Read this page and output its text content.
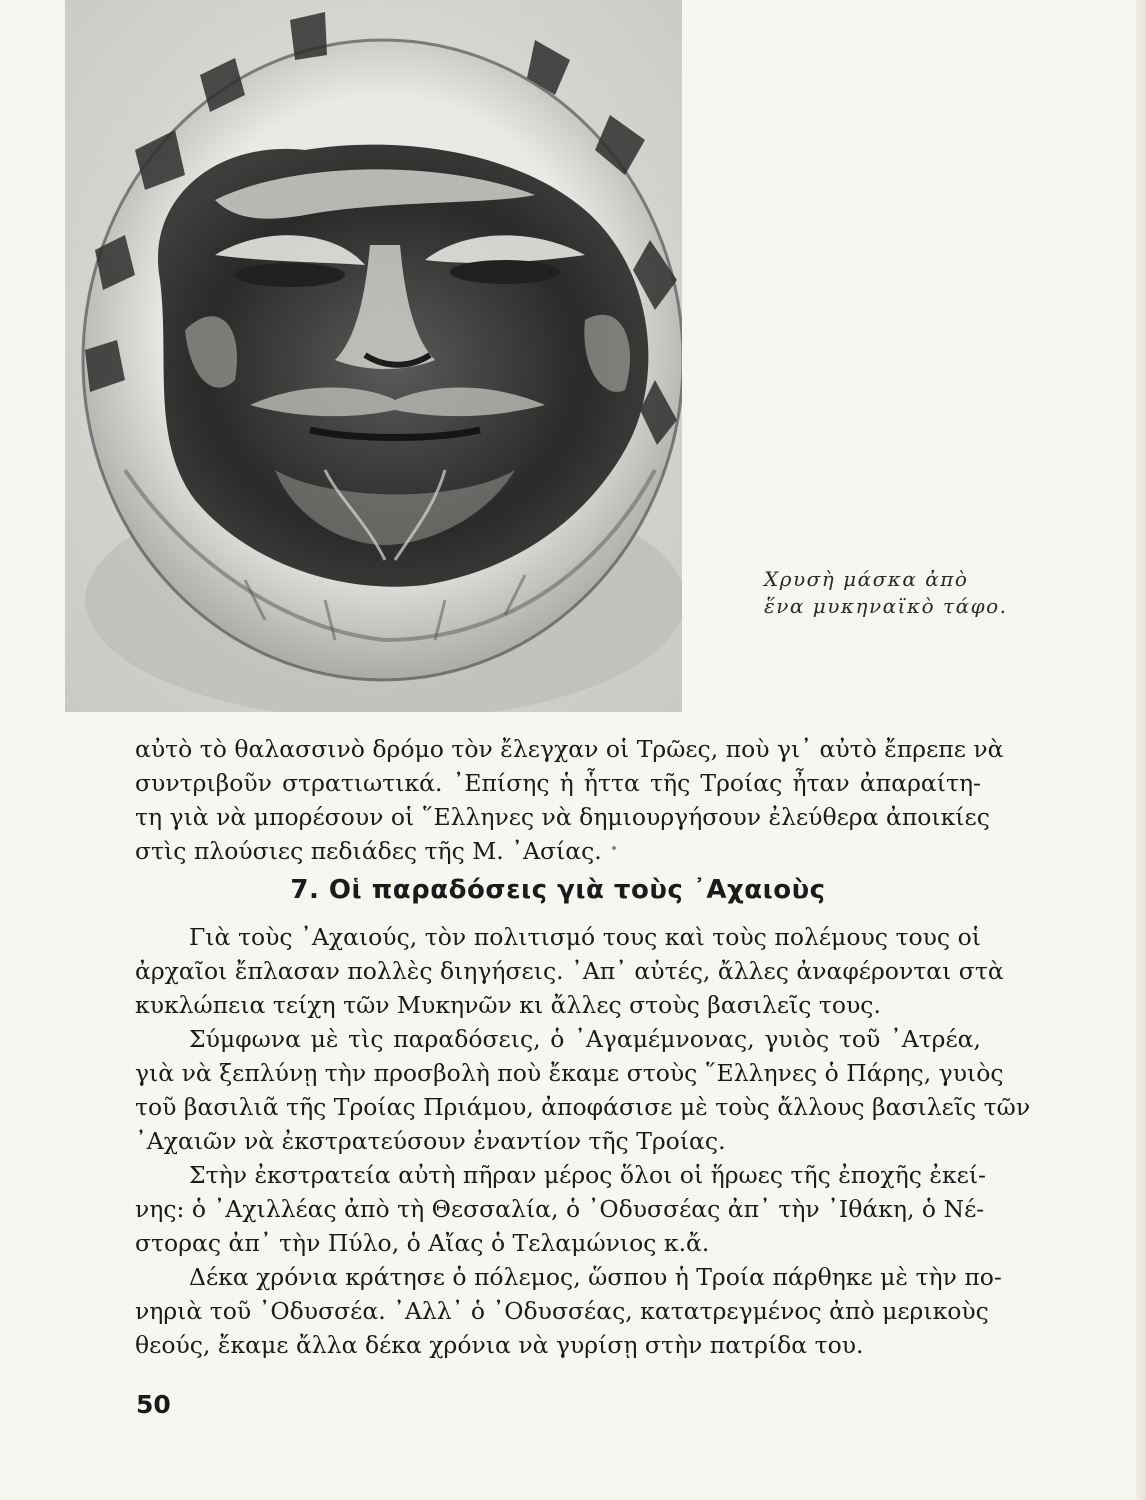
Χρυσὴ μάσκα ἀπὸ
ἕνα μυκηναϊκὸ τάφο.

αὐτὸ τὸ θαλασσινὸ δρόμο τὸν ἔλεγχαν οἱ Τρῶες, ποὺ γι᾿ αὐτὸ ἔπρεπε νὰ
συντριβοῦν στρατιωτικά. ᾿Επίσης ἡ ἧττα τῆς Τροίας ἦταν ἀπαραίτη-
τη γιὰ νὰ μπορέσουν οἱ ῞Ελληνες νὰ δημιουργήσουν ἐλεύθερα ἀποικίες
στὶς πλούσιες πεδιάδες τῆς Μ. ᾿Ασίας.

7. Οἱ παραδόσεις γιὰ τοὺς ᾿Αχαιοὺς

Γιὰ τοὺς ᾿Αχαιούς, τὸν πολιτισμό τους καὶ τοὺς πολέμους τους οἱ
ἀρχαῖοι ἔπλασαν πολλὲς διηγήσεις. ᾿Απ᾿ αὐτές, ἄλλες ἀναφέρονται στὰ
κυκλώπεια τείχη τῶν Μυκηνῶν κι ἄλλες στοὺς βασιλεῖς τους.

Σύμφωνα μὲ τὶς παραδόσεις, ὁ ᾿Αγαμέμνονας, γυιὸς τοῦ ᾿Ατρέα,
γιὰ νὰ ξεπλύνῃ τὴν προσβολὴ ποὺ ἔκαμε στοὺς ῞Ελληνες ὁ Πάρης, γυιὸς
τοῦ βασιλιᾶ τῆς Τροίας Πριάμου, ἀποφάσισε μὲ τοὺς ἄλλους βασιλεῖς τῶν
᾿Αχαιῶν νὰ ἐκστρατεύσουν ἐναντίον τῆς Τροίας.

Στὴν ἐκστρατεία αὐτὴ πῆραν μέρος ὅλοι οἱ ἥρωες τῆς ἐποχῆς ἐκεί-
νης: ὁ ᾿Αχιλλέας ἀπὸ τὴ Θεσσαλία, ὁ ᾿Οδυσσέας ἀπ᾿ τὴν ᾿Ιθάκη, ὁ Νέ-
στορας ἀπ᾿ τὴν Πύλο, ὁ Αἴας ὁ Τελαμώνιος κ.ἄ.

Δέκα χρόνια κράτησε ὁ πόλεμος, ὥσπου ἡ Τροία πάρθηκε μὲ τὴν πο-
νηριὰ τοῦ ᾿Οδυσσέα. ᾿Αλλ᾿ ὁ ᾿Οδυσσέας, κατατρεγμένος ἀπὸ μερικοὺς
θεούς, ἔκαμε ἄλλα δέκα χρόνια νὰ γυρίσῃ στὴν πατρίδα του.

50
